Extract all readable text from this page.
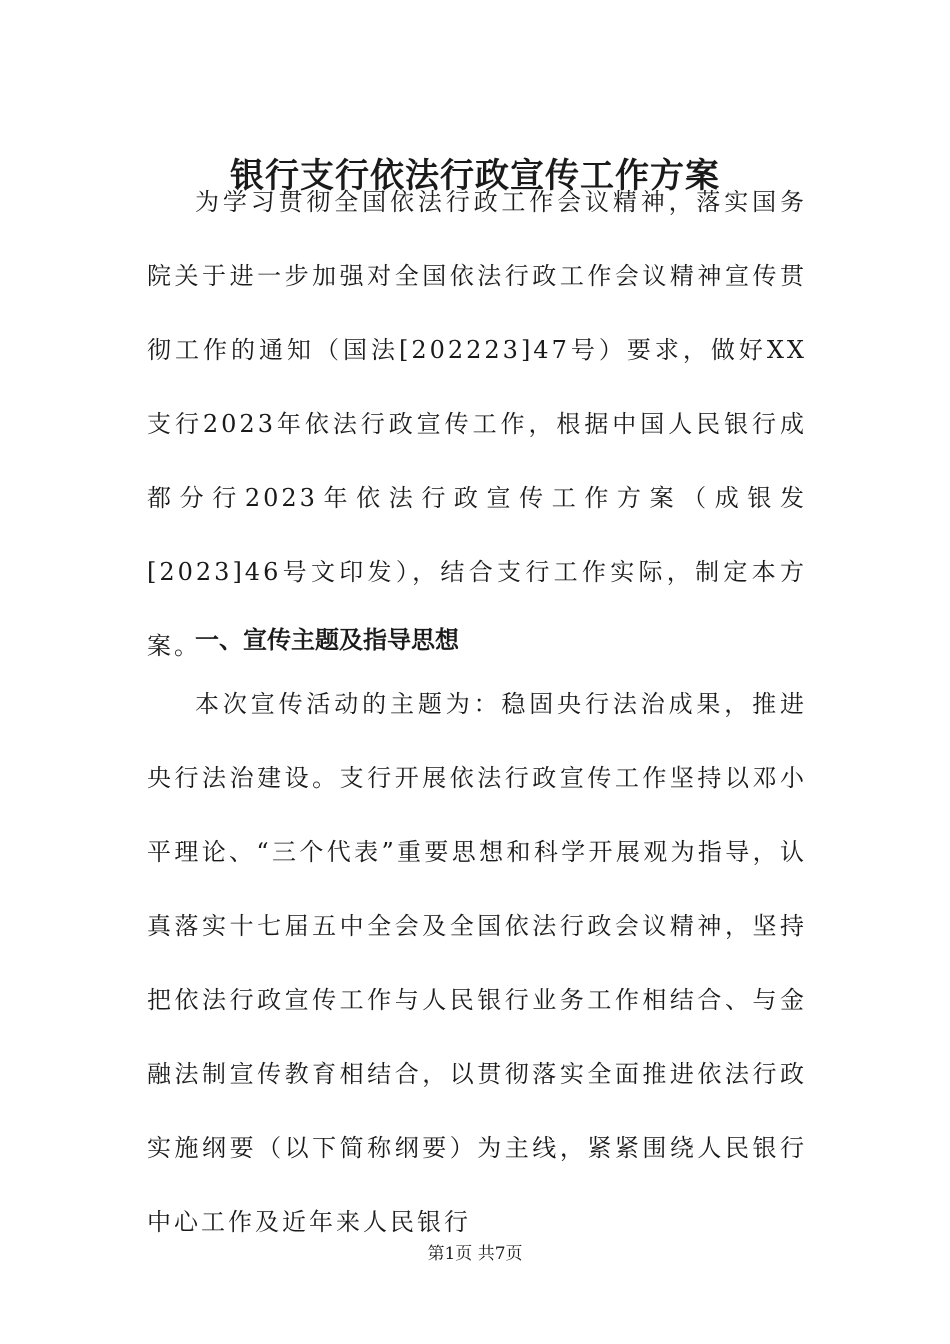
银行支行依法行政宣传工作方案

为学习贯彻全国依法行政工作会议精神，落实国务院关于进一步加强对全国依法行政工作会议精神宣传贯彻工作的通知（国法[202223]47号）要求，做好XX支行2023年依法行政宣传工作，根据中国人民银行成都分行2023年依法行政宣传工作方案（成银发[2023]46号文印发），结合支行工作实际，制定本方案。

一、宣传主题及指导思想

本次宣传活动的主题为：稳固央行法治成果，推进央行法治建设。支行开展依法行政宣传工作坚持以邓小平理论、“三个代表”重要思想和科学开展观为指导，认真落实十七届五中全会及全国依法行政会议精神，坚持把依法行政宣传工作与人民银行业务工作相结合、与金融法制宣传教育相结合，以贯彻落实全面推进依法行政实施纲要（以下简称纲要）为主线，紧紧围绕人民银行中心工作及近年来人民银行

第1页 共7页
